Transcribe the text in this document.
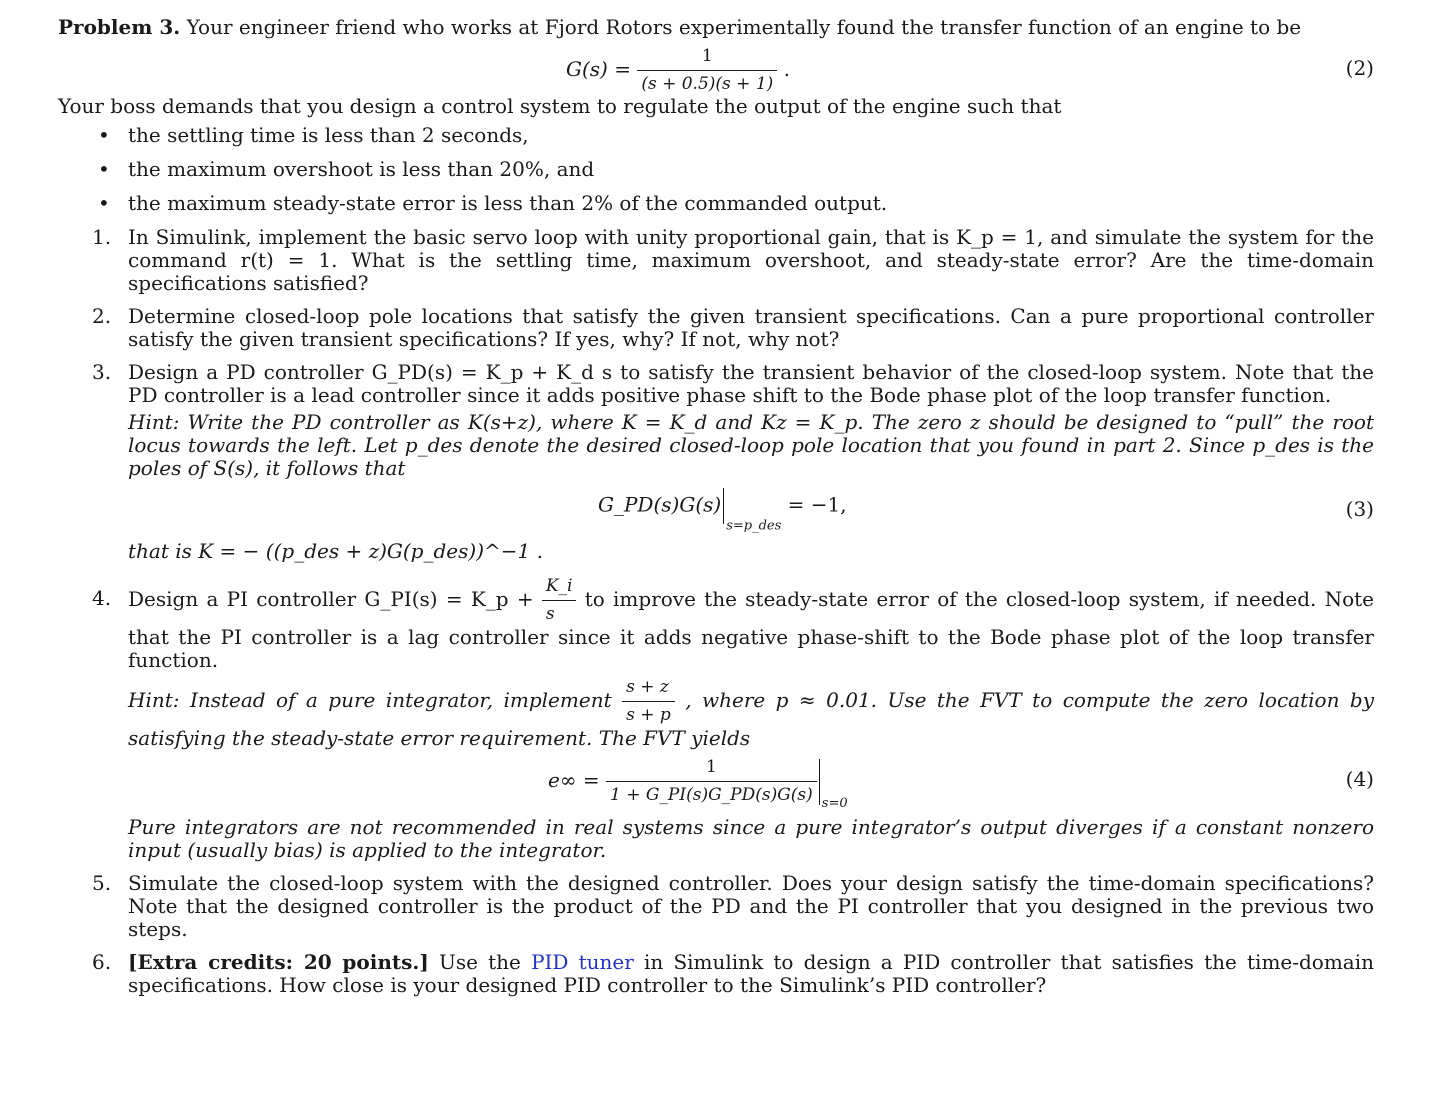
Problem 3. Your engineer friend who works at Fjord Rotors experimentally found the transfer function of an engine to be

$G(s) = \frac{1}{(s + 0.5)(s + 1)}$ .	(2)

Your boss demands that you design a control system to regulate the output of the engine such that

• the settling time is less than 2 seconds,
• the maximum overshoot is less than 20%, and
• the maximum steady-state error is less than 2% of the commanded output.
1. In Simulink, implement the basic servo loop with unity proportional gain, that is K_p = 1, and simulate the system for the command r(t) = 1. What is the settling time, maximum overshoot, and steady-state error? Are the time-domain specifications satisfied?
2. Determine closed-loop pole locations that satisfy the given transient specifications. Can a pure proportional controller satisfy the given transient specifications? If yes, why? If not, why not?
3. Design a PD controller G_PD(s) = K_p + K_d s to satisfy the transient behavior of the closed-loop system. Note that the PD controller is a lead controller since it adds positive phase shift to the Bode phase plot of the loop transfer function.
Hint: Write the PD controller as K(s+z), where K = K_d and Kz = K_p. The zero z should be designed to “pull” the root locus towards the left. Let p_des denote the desired closed-loop pole location that you found in part 2. Since p_des is the poles of S(s), it follows that
$G\_PD(s)G(s)_{s=p\_des} = -1$,	(3)
that is K = − ((p_des + z)G(p_des))^−1 .
4. Design a PI controller G_PI(s) = K_p + $\frac{K\_i}{s}$ to improve the steady-state error of the closed-loop system, if needed. Note that the PI controller is a lag controller since it adds negative phase-shift to the Bode phase plot of the loop transfer function.
Hint: Instead of a pure integrator, implement $\frac{s + z}{s + p}$ , where p ≈ 0.01. Use the FVT to compute the zero location by satisfying the steady-state error requirement. The FVT yields
$e\infty = \frac{1}{1 + G\_PI(s)G\_PD(s)G(s)} _{s=0}$
(4)
Pure integrators are not recommended in real systems since a pure integrator’s output diverges if a constant nonzero input (usually bias) is applied to the integrator.
5. Simulate the closed-loop system with the designed controller. Does your design satisfy the time-domain specifications? Note that the designed controller is the product of the PD and the PI controller that you designed in the previous two steps.
6. [Extra credits: 20 points.] Use the PID tuner in Simulink to design a PID controller that satisfies the time-domain specifications. How close is your designed PID controller to the Simulink’s PID controller?
